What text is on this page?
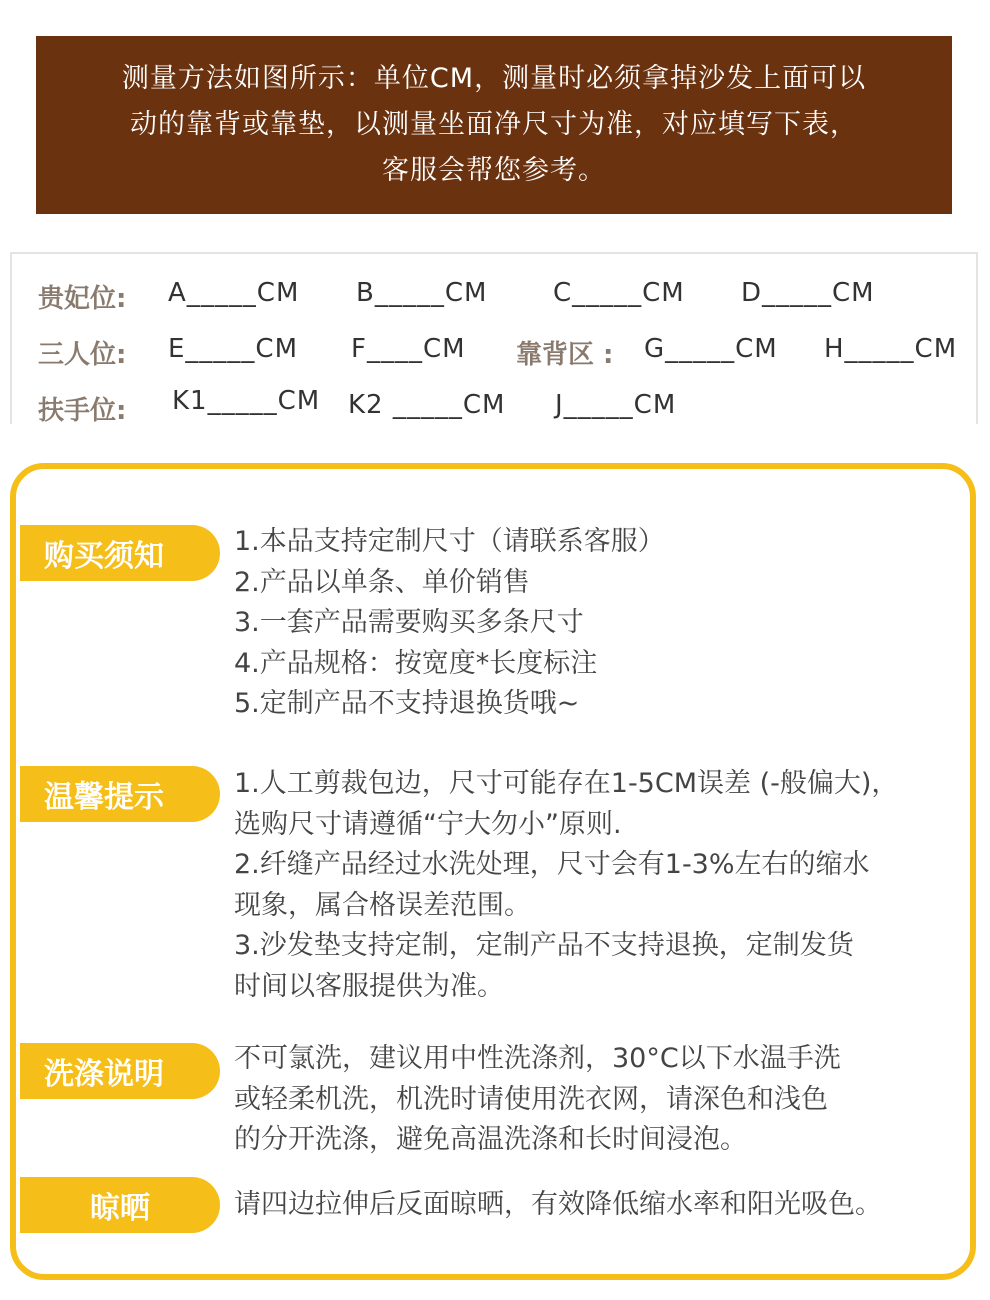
测量方法如图所示：单位CM，测量时必须拿掉沙发上面可以
动的靠背或靠垫，以测量坐面净尺寸为准，对应填写下表，
客服会帮您参考。
贵妃位: A_____CM B_____CM	C_____CM D_____CM
三人位: E_____CM F____CM 靠背区 : G_____CM H_____CM
扶手位: K1_____CM K2 _____CM J_____CM
购买须知	1.本品支持定制尺寸（请联系客服）
2.产品以单条、单价销售
3.一套产品需要购买多条尺寸
4.产品规格：按宽度*长度标注
5.定制产品不支持退换货哦~
温馨提示	1.人工剪裁包边，尺寸可能存在1-5CM误差 (-般偏大)，
选购尺寸请遵循“宁大勿小”原则.
2.纤缝产品经过水洗处理，尺寸会有1-3%左右的缩水
现象，属合格误差范围。
3.沙发垫支持定制，定制产品不支持退换，定制发货
时间以客服提供为准。
洗涤说明	不可氯洗，建议用中性洗涤剂，30°C以下水温手洗
或轻柔机洗，机洗时请使用洗衣网，请深色和浅色
的分开洗涤，避免高温洗涤和长时间浸泡。
晾晒	请四边拉伸后反面晾晒，有效降低缩水率和阳光吸色。
